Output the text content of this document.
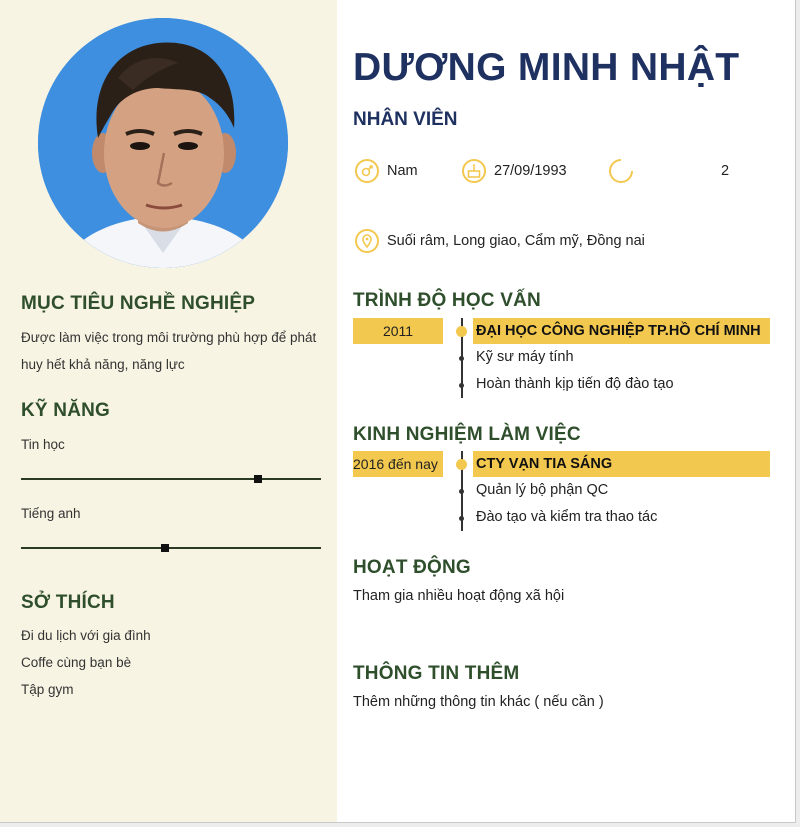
MỤC TIÊU NGHỀ NGHIỆP

Được làm việc trong môi trường phù hợp để phát

huy hết khả năng, năng lực

KỸ NĂNG

Tin học

Tiếng anh

SỞ THÍCH

Đi du lịch với gia đình

Coffe cùng bạn bè

Tập gym

DƯƠNG MINH NHẬT
NHÂN VIÊN
Nam	27/09/1993	2
Suối râm, Long giao, Cẩm mỹ, Đồng nai
TRÌNH ĐỘ HỌC VẤN
2011	ĐẠI HỌC CÔNG NGHIỆP TP.HỒ CHÍ MINH
Kỹ sư máy tính
Hoàn thành kịp tiến độ đào tạo
KINH NGHIỆM LÀM VIỆC
2016 đến nay	CTY VẠN TIA SÁNG
Quản lý bộ phận QC
Đào tạo và kiểm tra thao tác
HOẠT ĐỘNG

Tham gia nhiều hoạt động xã hội

THÔNG TIN THÊM

Thêm những thông tin khác ( nếu cần )
